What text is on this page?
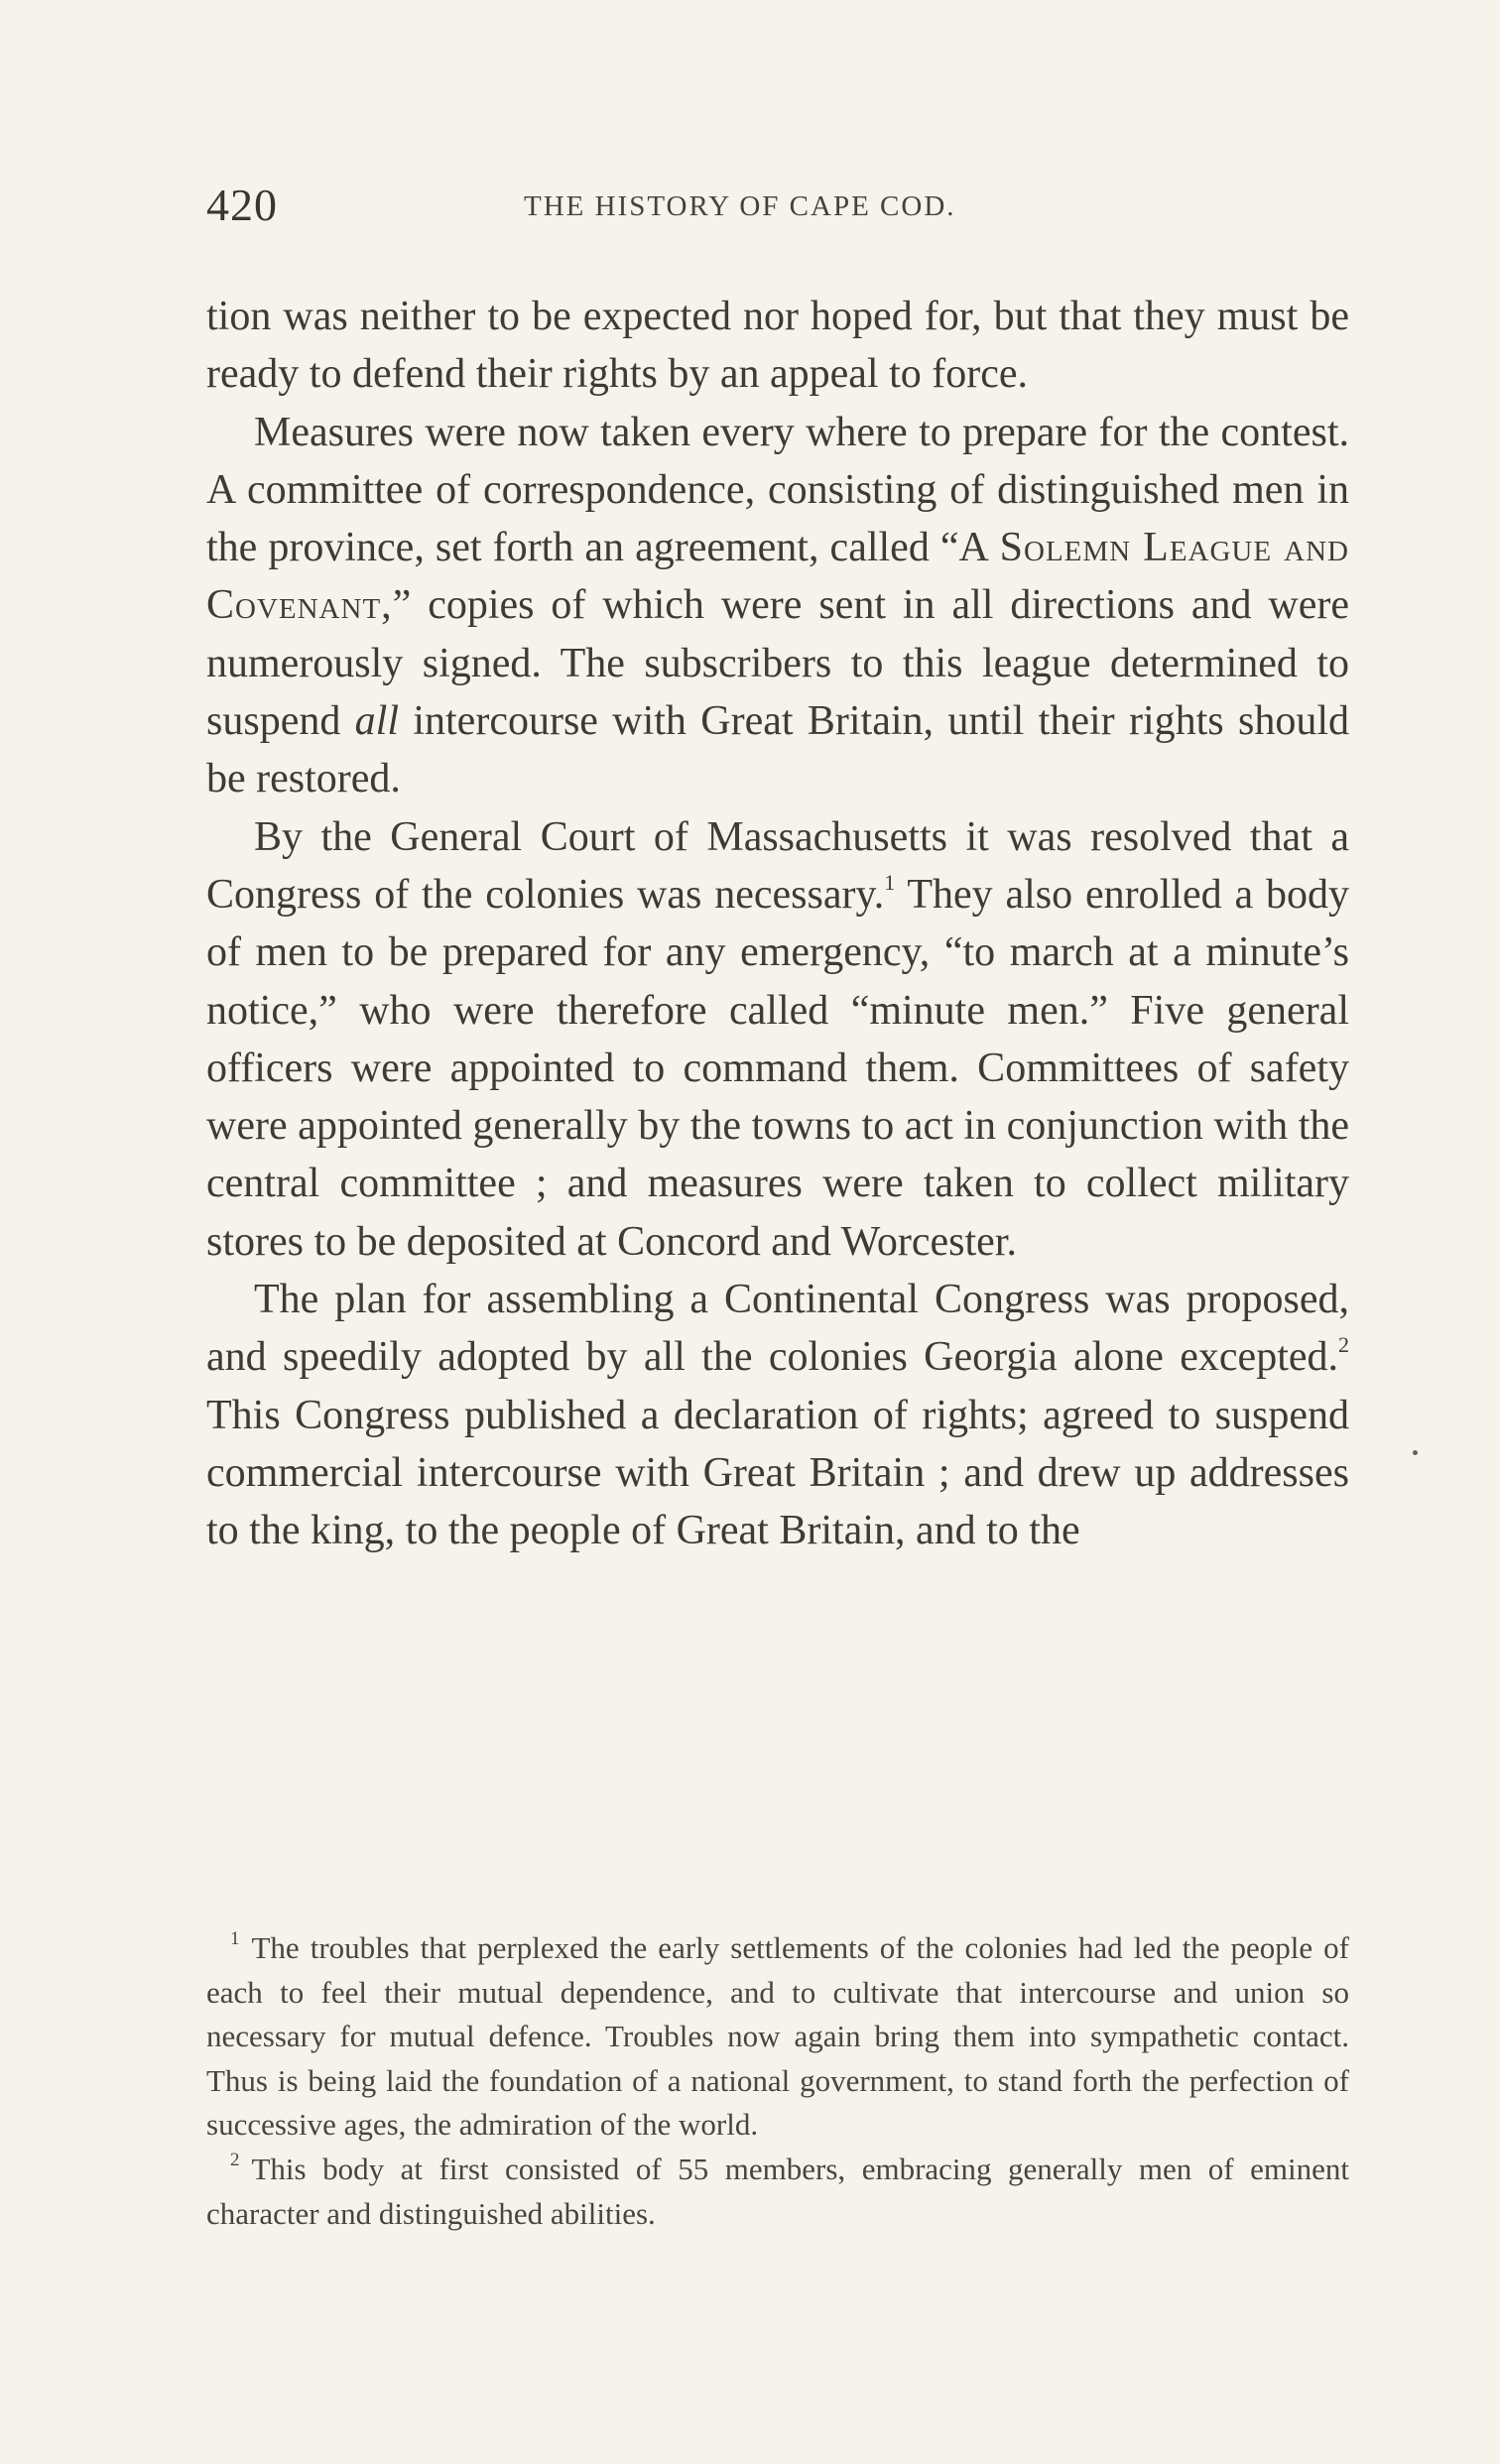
420	THE HISTORY OF CAPE COD.

tion was neither to be expected nor hoped for, but that they must be ready to defend their rights by an appeal to force.

Measures were now taken every where to prepare for the contest. A committee of correspondence, consisting of distinguished men in the province, set forth an agreement, called “A Solemn League and Covenant,” copies of which were sent in all directions and were numerously signed. The subscribers to this league determined to suspend all intercourse with Great Britain, until their rights should be restored.

By the General Court of Massachusetts it was resolved that a Congress of the colonies was necessary.$^1$ They also enrolled a body of men to be prepared for any emergency, “to march at a minute’s notice,” who were therefore called “minute men.” Five general officers were appointed to command them. Committees of safety were appointed generally by the towns to act in conjunction with the central committee ; and measures were taken to collect military stores to be deposited at Concord and Worcester.

The plan for assembling a Continental Congress was proposed, and speedily adopted by all the colonies Georgia alone excepted.$^2$ This Congress published a declaration of rights; agreed to suspend commercial intercourse with Great Britain ; and drew up addresses to the king, to the people of Great Britain, and to the

$^1$ The troubles that perplexed the early settlements of the colonies had led the people of each to feel their mutual dependence, and to cultivate that intercourse and union so necessary for mutual defence. Troubles now again bring them into sympathetic contact. Thus is being laid the foundation of a national government, to stand forth the perfection of successive ages, the admiration of the world.

$^2$ This body at first consisted of 55 members, embracing generally men of eminent character and distinguished abilities.
